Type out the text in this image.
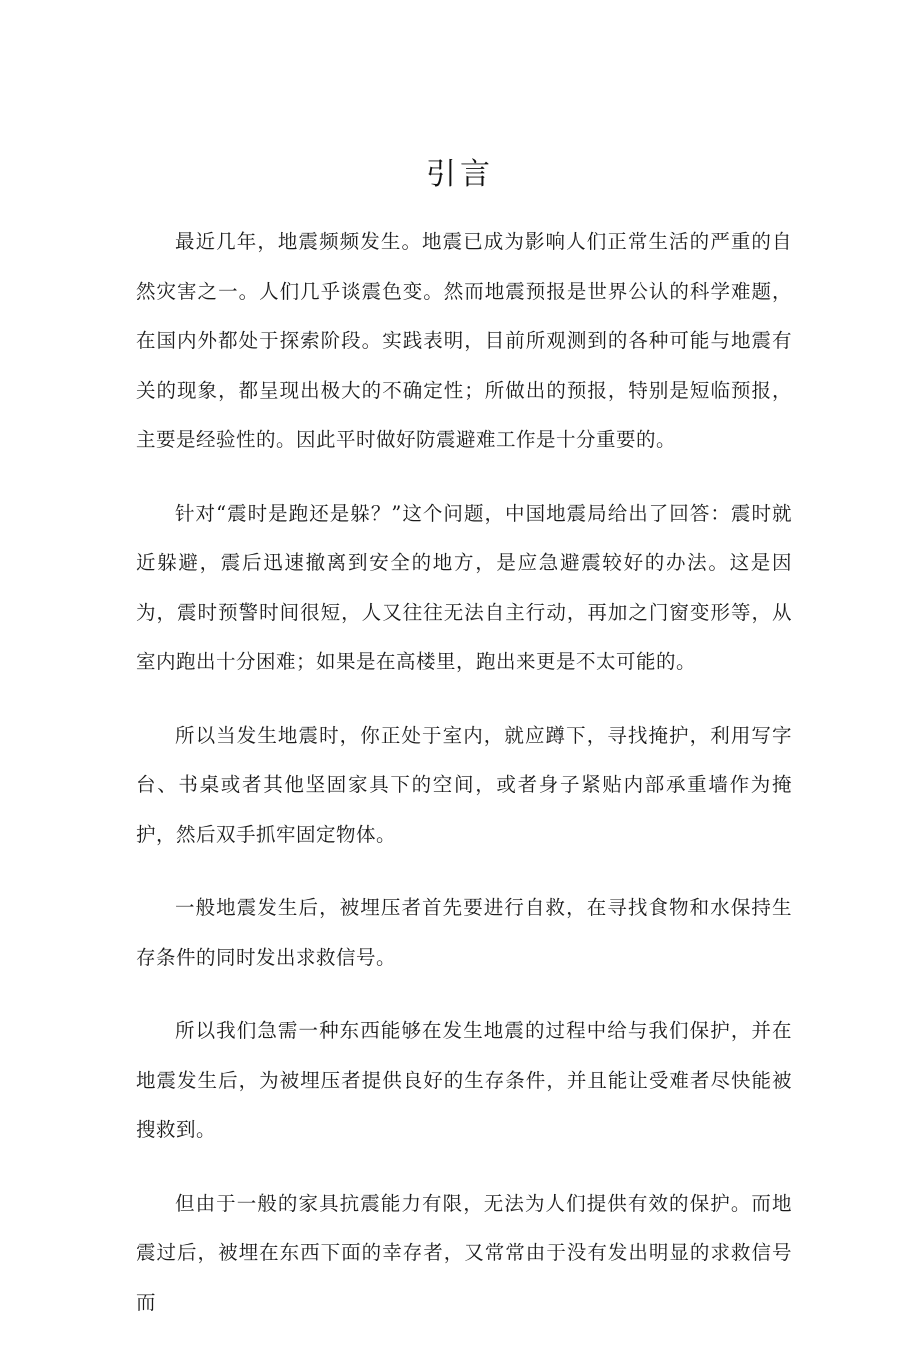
引言

最近几年，地震频频发生。地震已成为影响人们正常生活的严重的自然灾害之一。人们几乎谈震色变。然而地震预报是世界公认的科学难题，在国内外都处于探索阶段。实践表明，目前所观测到的各种可能与地震有关的现象，都呈现出极大的不确定性；所做出的预报，特别是短临预报，主要是经验性的。因此平时做好防震避难工作是十分重要的。

针对“震时是跑还是躲？”这个问题，中国地震局给出了回答：震时就近躲避，震后迅速撤离到安全的地方，是应急避震较好的办法。这是因为，震时预警时间很短，人又往往无法自主行动，再加之门窗变形等，从室内跑出十分困难；如果是在高楼里，跑出来更是不太可能的。

所以当发生地震时，你正处于室内，就应蹲下，寻找掩护，利用写字台、书桌或者其他坚固家具下的空间，或者身子紧贴内部承重墙作为掩护，然后双手抓牢固定物体。

一般地震发生后，被埋压者首先要进行自救，在寻找食物和水保持生存条件的同时发出求救信号。

所以我们急需一种东西能够在发生地震的过程中给与我们保护，并在地震发生后，为被埋压者提供良好的生存条件，并且能让受难者尽快能被搜救到。

但由于一般的家具抗震能力有限，无法为人们提供有效的保护。而地震过后，被埋在东西下面的幸存者，又常常由于没有发出明显的求救信号而
